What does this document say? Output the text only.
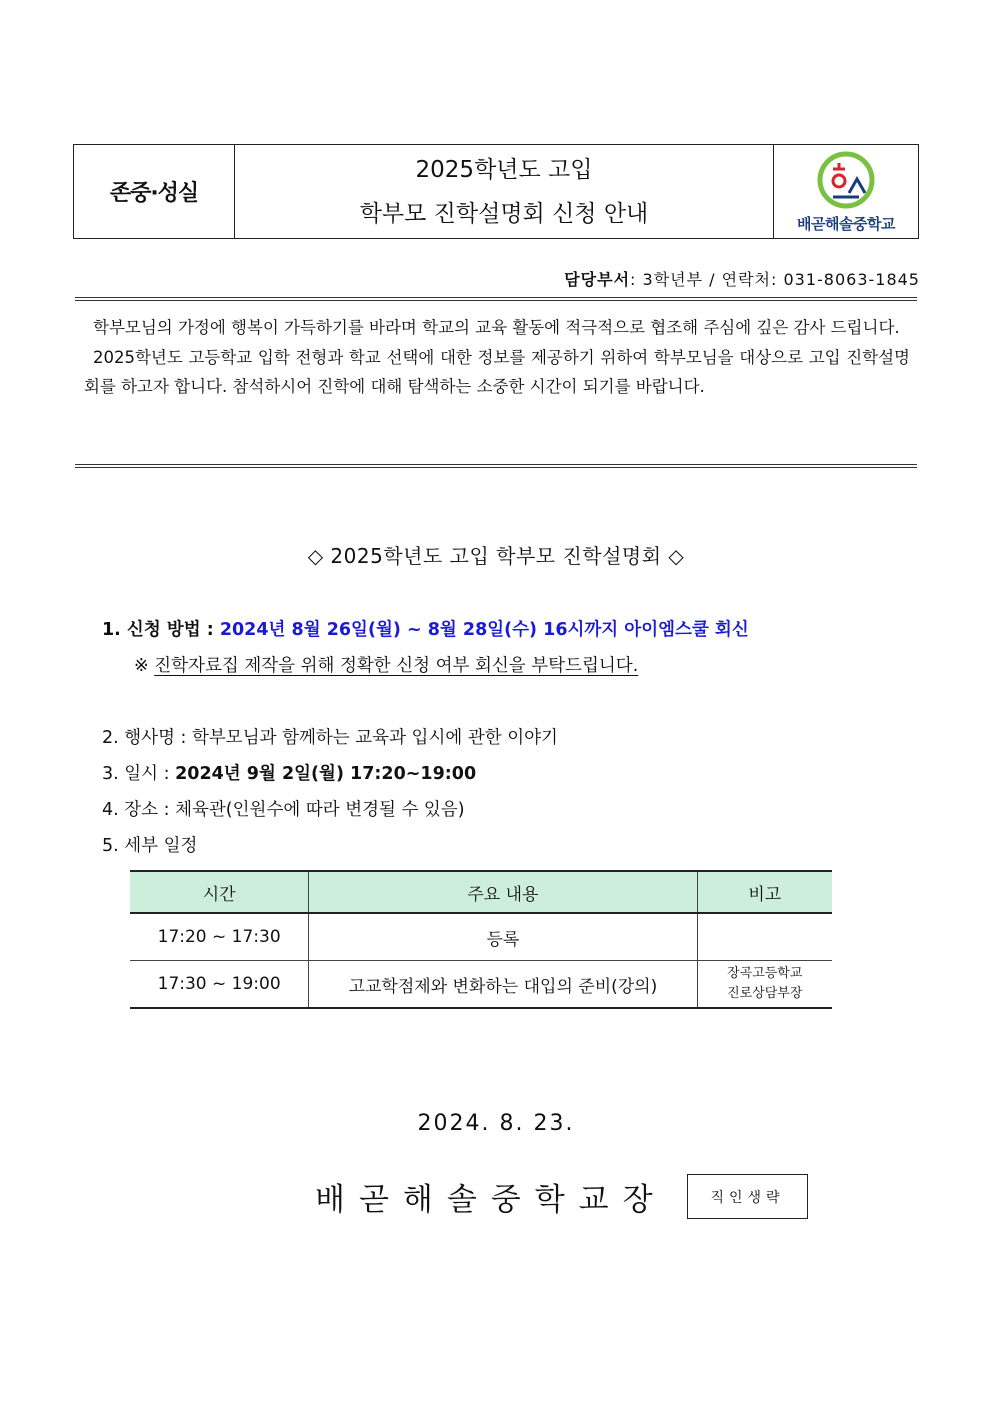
존중·성실
2025학년도 고입
학부모 진학설명회 신청 안내	배곧해솔중학교
담당부서: 3학년부 / 연락처: 031-8063-1845

학부모님의 가정에 행복이 가득하기를 바라며 학교의 교육 활동에 적극적으로 협조해 주심에 깊은 감사 드립니다.

2025학년도 고등학교 입학 전형과 학교 선택에 대한 정보를 제공하기 위하여 학부모님을 대상으로 고입 진학설명회를 하고자 합니다. 참석하시어 진학에 대해 탐색하는 소중한 시간이 되기를 바랍니다.

◇ 2025학년도 고입 학부모 진학설명회 ◇
1. 신청 방법 : 2024년 8월 26일(월) ~ 8월 28일(수) 16시까지 아이엠스쿨 회신
※ 진학자료집 제작을 위해 정확한 신청 여부 회신을 부탁드립니다.
2. 행사명 : 학부모님과 함께하는 교육과 입시에 관한 이야기
3. 일시 : 2024년 9월 2일(월) 17:20~19:00
4. 장소 : 체육관(인원수에 따라 변경될 수 있음)
5. 세부 일정
시간	주요 내용	비고
17:20 ~ 17:30	등록	
17:30 ~ 19:00	고교학점제와 변화하는 대입의 준비(강의)	장곡고등학교
진로상담부장
2024. 8. 23.
배곧해솔중학교장	직인생략
